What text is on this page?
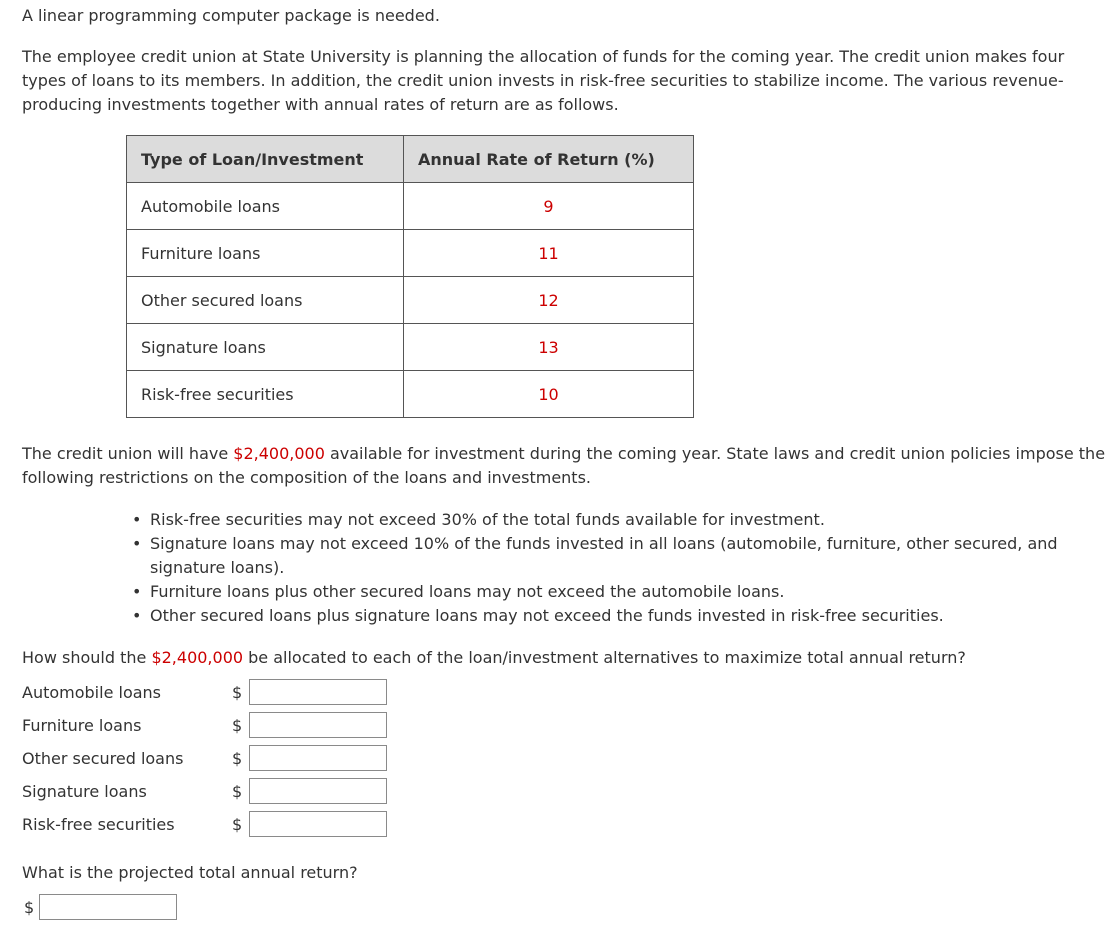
A linear programming computer package is needed.

The employee credit union at State University is planning the allocation of funds for the coming year. The credit union makes four types of loans to its members. In addition, the credit union invests in risk-free securities to stabilize income. The various revenue-producing investments together with annual rates of return are as follows.

Type of Loan/Investment	Annual Rate of Return (%)
Automobile loans	9
Furniture loans	11
Other secured loans	12
Signature loans	13
Risk-free securities	10

The credit union will have $2,400,000 available for investment during the coming year. State laws and credit union policies impose the following restrictions on the composition of the loans and investments.

• Risk-free securities may not exceed 30% of the total funds available for investment.
• Signature loans may not exceed 10% of the funds invested in all loans (automobile, furniture, other secured, and signature loans).
• Furniture loans plus other secured loans may not exceed the automobile loans.
• Other secured loans plus signature loans may not exceed the funds invested in risk-free securities.

How should the $2,400,000 be allocated to each of the loan/investment alternatives to maximize total annual return?

Automobile loans	$
Furniture loans	$
Other secured loans	$
Signature loans	$
Risk-free securities	$

What is the projected total annual return?

$
